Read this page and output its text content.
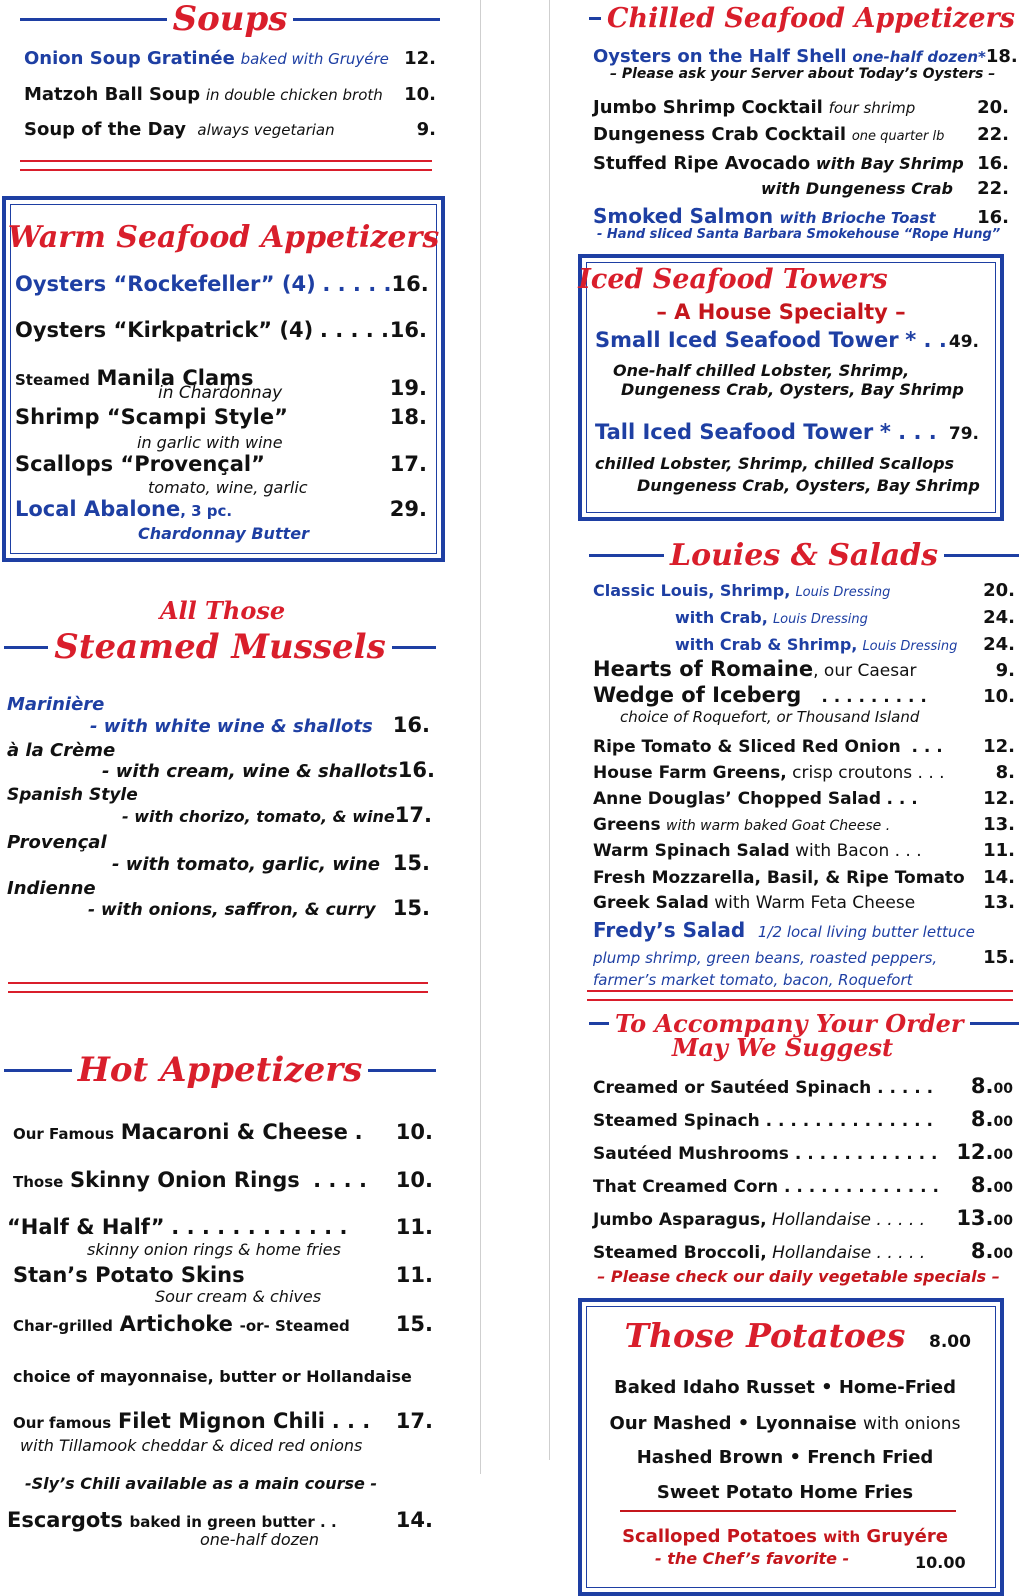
Soups
Onion Soup Gratinée baked with Gruyére 12.
Matzoh Ball Soup in double chicken broth 10.
Soup of the Day always vegetarian	9.
Warm Seafood Appetizers
Oysters “Rockefeller” (4) . . . . . 16.
Oysters “Kirkpatrick” (4) . . . . . 16.
Steamed Manila Clams	19.
in Chardonnay
Shrimp “Scampi Style”	18.
in garlic with wine
Scallops “Provençal”	17.
tomato, wine, garlic
Local Abalone, 3 pc.	29.
Chardonnay Butter
All Those
Steamed Mussels
Marinière
- with white wine & shallots 16.
à la Crème
- with cream, wine & shallots 16.
Spanish Style
- with chorizo, tomato, & wine 17.
Provençal
- with tomato, garlic, wine 15.
Indienne
- with onions, saffron, & curry 15.
Hot Appetizers
Our Famous Macaroni & Cheese . 10.
Those Skinny Onion Rings . . . . 10.
“Half & Half” . . . . . . . . . . . . 11.
skinny onion rings & home fries
Stan’s Potato Skins	11.
Sour cream & chives
Char-grilled Artichoke -or- Steamed 15.
choice of mayonnaise, butter or Hollandaise
Our famous Filet Mignon Chili . . . 17.
with Tillamook cheddar & diced red onions
-Sly’s Chili available as a main course -
Escargots baked in green butter . .	14.
one-half dozen
Chilled Seafood Appetizers
Oysters on the Half Shell one-half dozen* 18.
– Please ask your Server about Today’s Oysters –
Jumbo Shrimp Cocktail four shrimp	20.
Dungeness Crab Cocktail one quarter lb 22.
Stuffed Ripe Avocado with Bay Shrimp 16.
with Dungeness Crab 22.
Smoked Salmon with Brioche Toast 16.
- Hand sliced Santa Barbara Smokehouse “Rope Hung”
Iced Seafood Towers
– A House Specialty –
Small Iced Seafood Tower * . . 49.
One-half chilled Lobster, Shrimp,
Dungeness Crab, Oysters, Bay Shrimp
Tall Iced Seafood Tower * . . . 79.
chilled Lobster, Shrimp, chilled Scallops
Dungeness Crab, Oysters, Bay Shrimp
Louies & Salads
Classic Louis, Shrimp, Louis Dressing	20.
with Crab, Louis Dressing	24.
with Crab & Shrimp, Louis Dressing 24.
Hearts of Romaine, our Caesar	9.
Wedge of Iceberg . . . . . . . . .	10.
choice of Roquefort, or Thousand Island
Ripe Tomato & Sliced Red Onion . . . 12.
House Farm Greens, crisp croutons . . .	8.
Anne Douglas’ Chopped Salad . . .	12.
Greens with warm baked Goat Cheese .	13.
Warm Spinach Salad with Bacon . . .	11.
Fresh Mozzarella, Basil, & Ripe Tomato 14.
Greek Salad with Warm Feta Cheese	13.
Fredy’s Salad 1/2 local living butter lettuce
plump shrimp, green beans, roasted peppers,	15.
farmer’s market tomato, bacon, Roquefort
To Accompany Your Order
May We Suggest
Creamed or Sautéed Spinach . . . . . 8.00
Steamed Spinach . . . . . . . . . . . . . . 8.00
Sautéed Mushrooms . . . . . . . . . . . . 12.00
That Creamed Corn . . . . . . . . . . . . . 8.00
Jumbo Asparagus, Hollandaise . . . . . 13.00
Steamed Broccoli, Hollandaise . . . . . 8.00
– Please check our daily vegetable specials –
Those Potatoes	8.00
Baked Idaho Russet • Home-Fried
Our Mashed • Lyonnaise with onions
Hashed Brown • French Fried
Sweet Potato Home Fries
Scalloped Potatoes with Gruyére
- the Chef’s favorite -	10.00
